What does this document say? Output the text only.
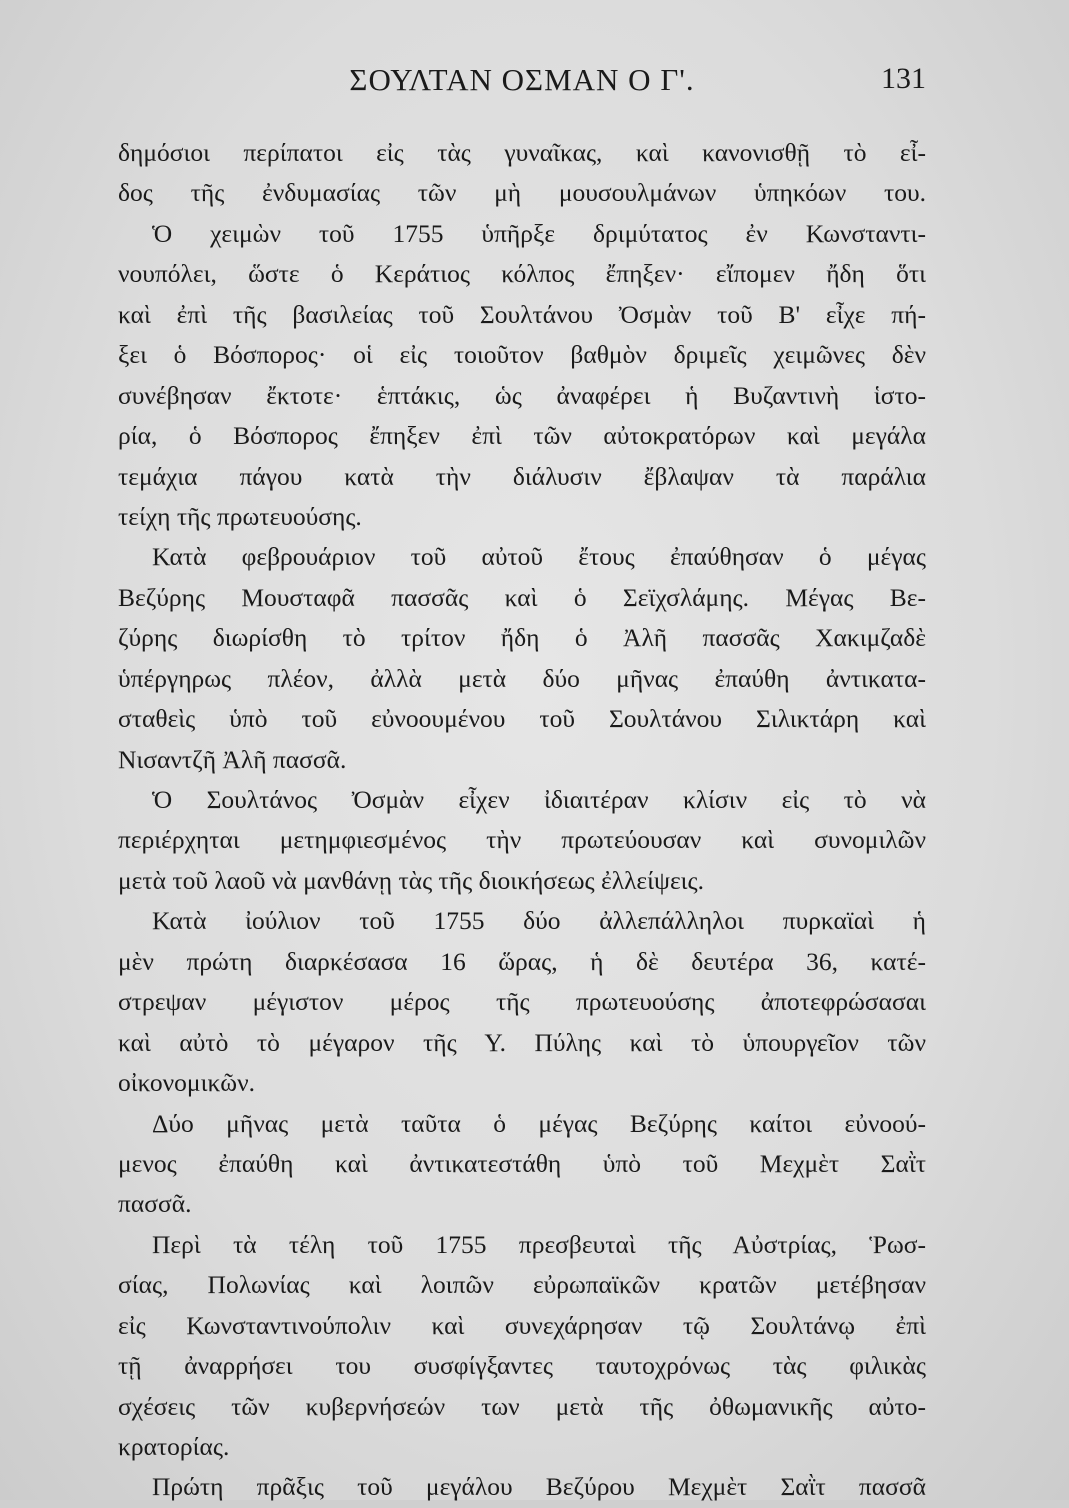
ΣΟΥΛΤΑΝ ΟΣΜΑΝ Ο Γ'.	131
δημόσιοι περίπατοι εἰς τὰς γυναῖκας, καὶ κανονισθῇ τὸ εἶ-
δος τῆς ἐνδυμασίας τῶν μὴ μουσουλμάνων ὑπηκόων του.
Ὁ χειμὼν τοῦ 1755 ὑπῆρξε δριμύτατος ἐν Κωνσταντι-
νουπόλει, ὥστε ὁ Κεράτιος κόλπος ἔπηξεν· εἴπομεν ἤδη ὅτι
καὶ ἐπὶ τῆς βασιλείας τοῦ Σουλτάνου Ὀσμὰν τοῦ Β' εἶχε πή-
ξει ὁ Βόσπορος· οἱ εἰς τοιοῦτον βαθμὸν δριμεῖς χειμῶνες δὲν
συνέβησαν ἔκτοτε· ἑπτάκις, ὡς ἀναφέρει ἡ Βυζαντινὴ ἱστο-
ρία, ὁ Βόσπορος ἔπηξεν ἐπὶ τῶν αὐτοκρατόρων καὶ μεγάλα
τεμάχια πάγου κατὰ τὴν διάλυσιν ἔβλαψαν τὰ παράλια
τείχη τῆς πρωτευούσης.
Κατὰ φεβρουάριον τοῦ αὐτοῦ ἔτους ἐπαύθησαν ὁ μέγας
Βεζύρης Μουσταφᾶ πασσᾶς καὶ ὁ Σεϊχσλάμης. Μέγας Βε-
ζύρης διωρίσθη τὸ τρίτον ἤδη ὁ Ἀλῆ πασσᾶς Χακιμζαδὲ
ὑπέργηρως πλέον, ἀλλὰ μετὰ δύο μῆνας ἐπαύθη ἀντικατα-
σταθεὶς ὑπὸ τοῦ εὐνοουμένου τοῦ Σουλτάνου Σιλικτάρη καὶ
Νισαντζῆ Ἀλῆ πασσᾶ.
Ὁ Σουλτάνος Ὀσμὰν εἶχεν ἰδιαιτέραν κλίσιν εἰς τὸ νὰ
περιέρχηται μετημφιεσμένος τὴν πρωτεύουσαν καὶ συνομιλῶν
μετὰ τοῦ λαοῦ νὰ μανθάνῃ τὰς τῆς διοικήσεως ἐλλείψεις.
Κατὰ ἰούλιον τοῦ 1755 δύο ἀλλεπάλληλοι πυρκαϊαὶ ἡ
μὲν πρώτη διαρκέσασα 16 ὥρας, ἡ δὲ δευτέρα 36, κατέ-
στρεψαν μέγιστον μέρος τῆς πρωτευούσης ἀποτεφρώσασαι
καὶ αὐτὸ τὸ μέγαρον τῆς Υ. Πύλης καὶ τὸ ὑπουργεῖον τῶν
οἰκονομικῶν.
Δύο μῆνας μετὰ ταῦτα ὁ μέγας Βεζύρης καίτοι εὐνοού-
μενος ἐπαύθη καὶ ἀντικατεστάθη ὑπὸ τοῦ Μεχμὲτ Σαῒτ
πασσᾶ.
Περὶ τὰ τέλη τοῦ 1755 πρεσβευταὶ τῆς Αὐστρίας, Ῥωσ-
σίας, Πολωνίας καὶ λοιπῶν εὐρωπαϊκῶν κρατῶν μετέβησαν
εἰς Κωνσταντινούπολιν καὶ συνεχάρησαν τῷ Σουλτάνῳ ἐπὶ
τῇ ἀναρρήσει του συσφίγξαντες ταυτοχρόνως τὰς φιλικὰς
σχέσεις τῶν κυβερνήσεών των μετὰ τῆς ὀθωμανικῆς αὐτο-
κρατορίας.
Πρώτη πρᾶξις τοῦ μεγάλου Βεζύρου Μεχμὲτ Σαῒτ πασσᾶ
